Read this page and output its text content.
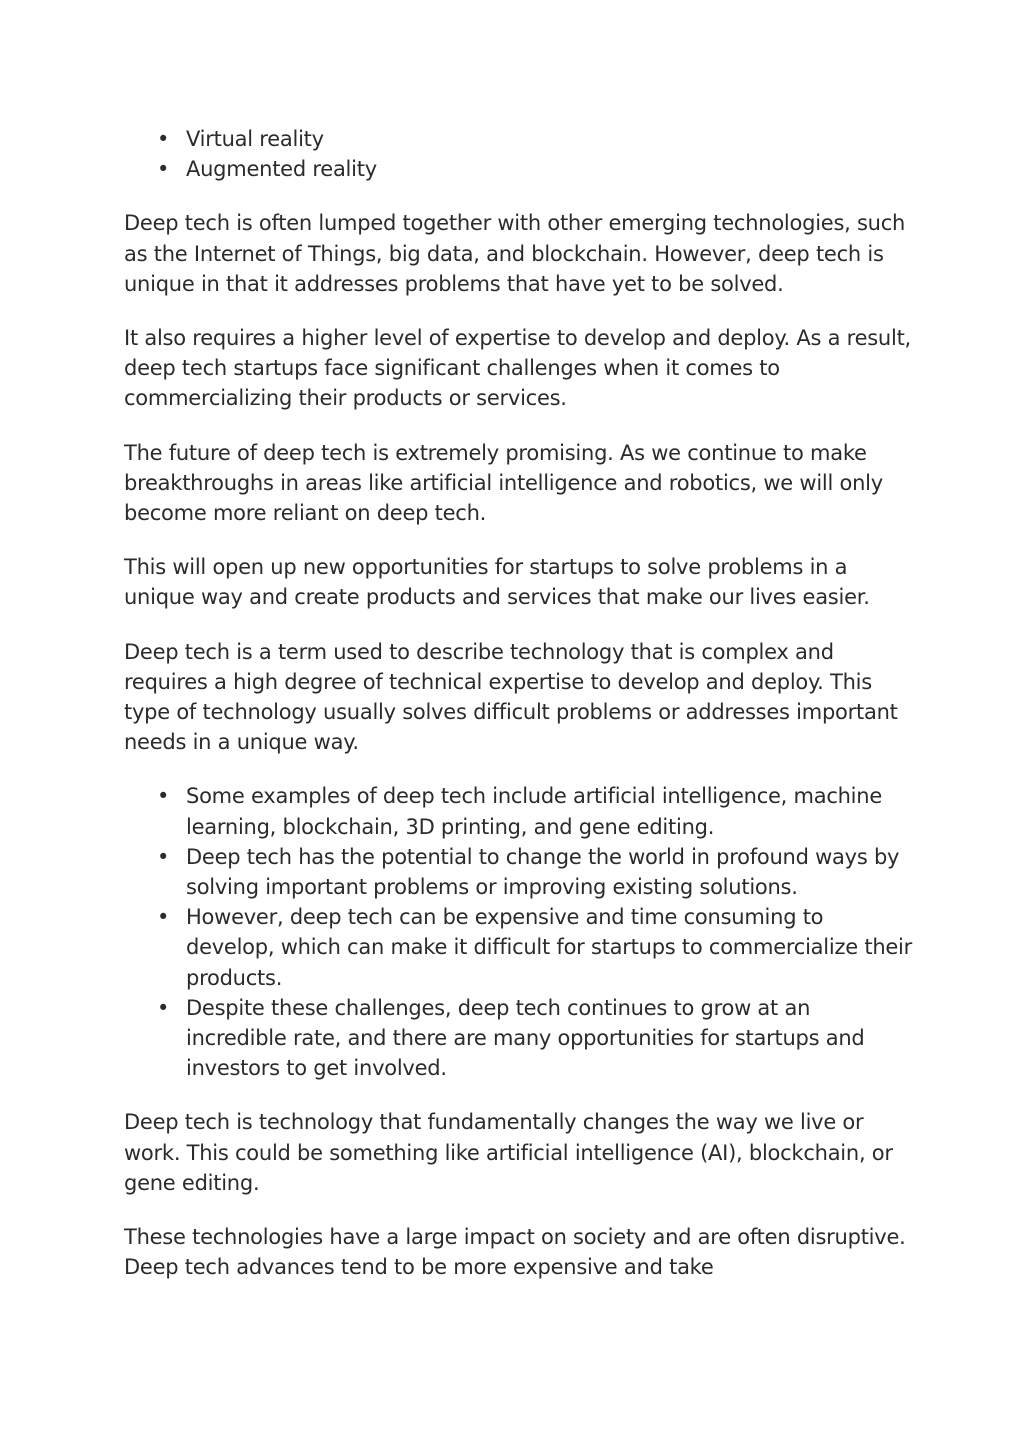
• Virtual reality
• Augmented reality

Deep tech is often lumped together with other emerging technologies, such as the Internet of Things, big data, and blockchain. However, deep tech is unique in that it addresses problems that have yet to be solved.

It also requires a higher level of expertise to develop and deploy. As a result, deep tech startups face significant challenges when it comes to commercializing their products or services.

The future of deep tech is extremely promising. As we continue to make breakthroughs in areas like artificial intelligence and robotics, we will only become more reliant on deep tech.

This will open up new opportunities for startups to solve problems in a unique way and create products and services that make our lives easier.

Deep tech is a term used to describe technology that is complex and requires a high degree of technical expertise to develop and deploy. This type of technology usually solves difficult problems or addresses important needs in a unique way.

• Some examples of deep tech include artificial intelligence, machine learning, blockchain, 3D printing, and gene editing.
• Deep tech has the potential to change the world in profound ways by solving important problems or improving existing solutions.
• However, deep tech can be expensive and time consuming to develop, which can make it difficult for startups to commercialize their products.
• Despite these challenges, deep tech continues to grow at an incredible rate, and there are many opportunities for startups and investors to get involved.

Deep tech is technology that fundamentally changes the way we live or work. This could be something like artificial intelligence (AI), blockchain, or gene editing.

These technologies have a large impact on society and are often disruptive. Deep tech advances tend to be more expensive and take
